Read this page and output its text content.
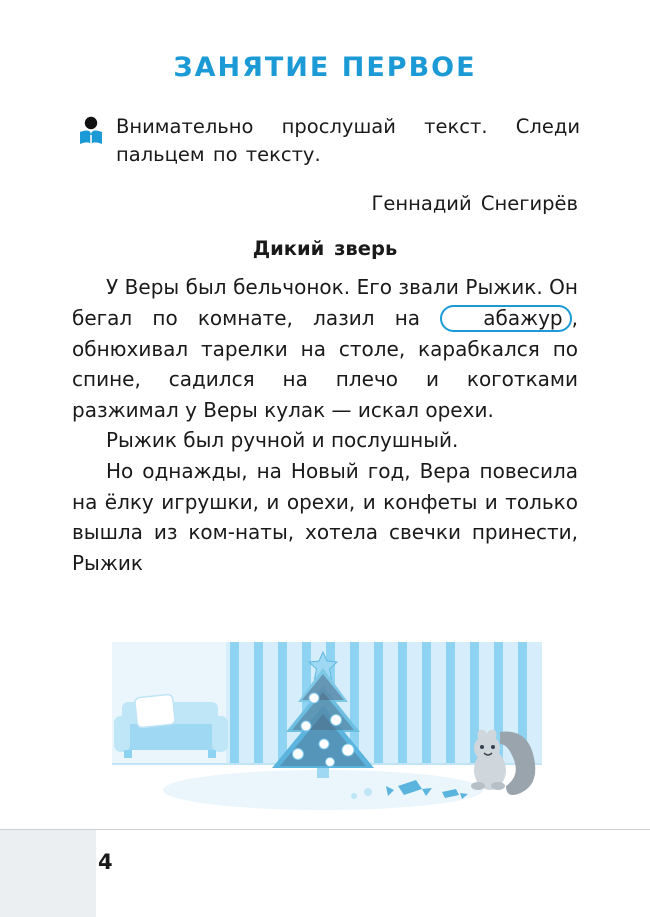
ЗАНЯТИЕ ПЕРВОЕ
Внимательно прослушай текст. Следи пальцем по тексту.
Геннадий Снегирёв
Дикий зверь

У Веры был бельчонок. Его звали Рыжик. Он бегал по комнате, лазил на абажур , обнюхивал тарелки на столе, карабкался по спине, садился на плечо и коготками разжимал у Веры кулак — искал орехи.

Рыжик был ручной и послушный.

Но однажды, на Новый год, Вера повесила на ёлку игрушки, и орехи, и конфеты и только вышла из ком-наты, хотела свечки принести, Рыжик

4
